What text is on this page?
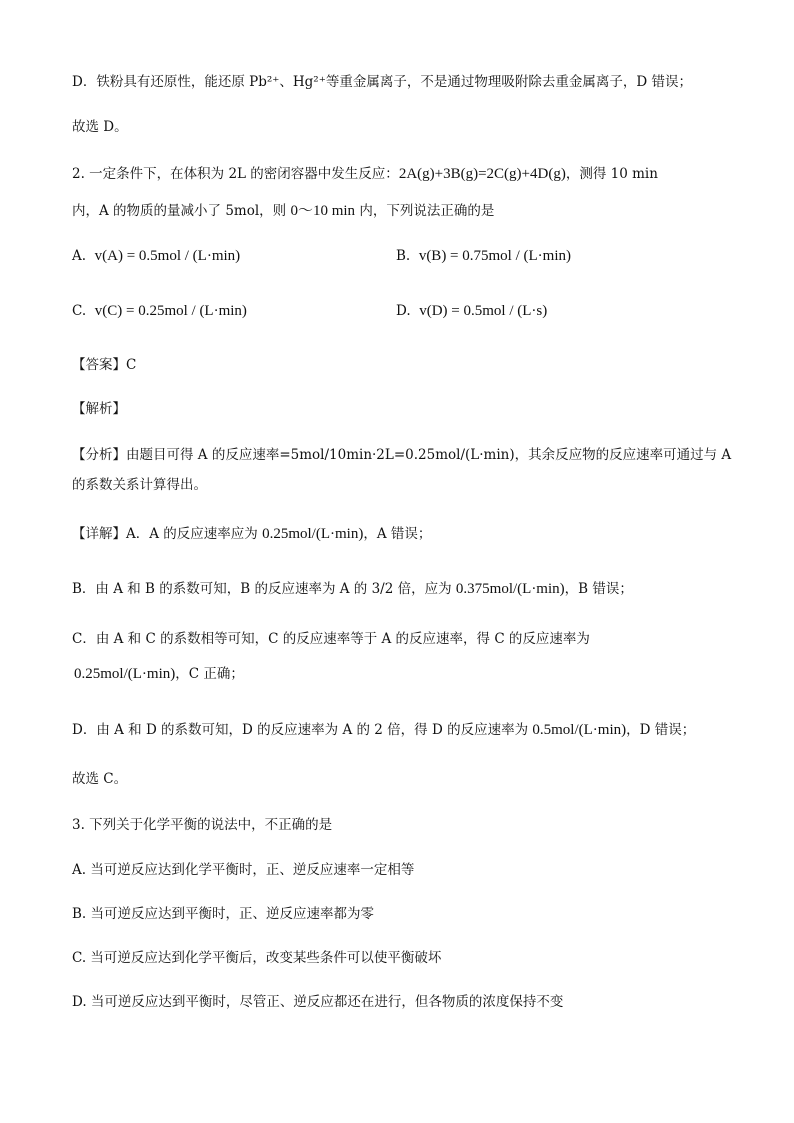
D．铁粉具有还原性，能还原 Pb²⁺、Hg²⁺等重金属离子，不是通过物理吸附除去重金属离子，D 错误；
故选 D。
2. 一定条件下，在体积为 2L 的密闭容器中发生反应：2A(g)+3B(g)=2C(g)+4D(g)，测得 10 min
内，A 的物质的量减小了 5mol，则 0～10 min 内，下列说法正确的是
A. v(A) = 0.5mol / (L·min)	B. v(B) = 0.75mol / (L·min)
C. v(C) = 0.25mol / (L·min)	D. v(D) = 0.5mol / (L·s)
【答案】C
【解析】
【分析】由题目可得 A 的反应速率=5mol/10min·2L=0.25mol/(L·min)，其余反应物的反应速率可通过与 A
的系数关系计算得出。
【详解】A．A 的反应速率应为 0.25mol/(L·min)，A 错误；
B．由 A 和 B 的系数可知，B 的反应速率为 A 的 3/2 倍，应为 0.375mol/(L·min)，B 错误；
C．由 A 和 C 的系数相等可知，C 的反应速率等于 A 的反应速率，得 C 的反应速率为
0.25mol/(L·min)，C 正确；
D．由 A 和 D 的系数可知，D 的反应速率为 A 的 2 倍，得 D 的反应速率为 0.5mol/(L·min)，D 错误；
故选 C。
3. 下列关于化学平衡的说法中，不正确的是
A. 当可逆反应达到化学平衡时，正、逆反应速率一定相等
B. 当可逆反应达到平衡时，正、逆反应速率都为零
C. 当可逆反应达到化学平衡后，改变某些条件可以使平衡破坏
D. 当可逆反应达到平衡时，尽管正、逆反应都还在进行，但各物质的浓度保持不变
